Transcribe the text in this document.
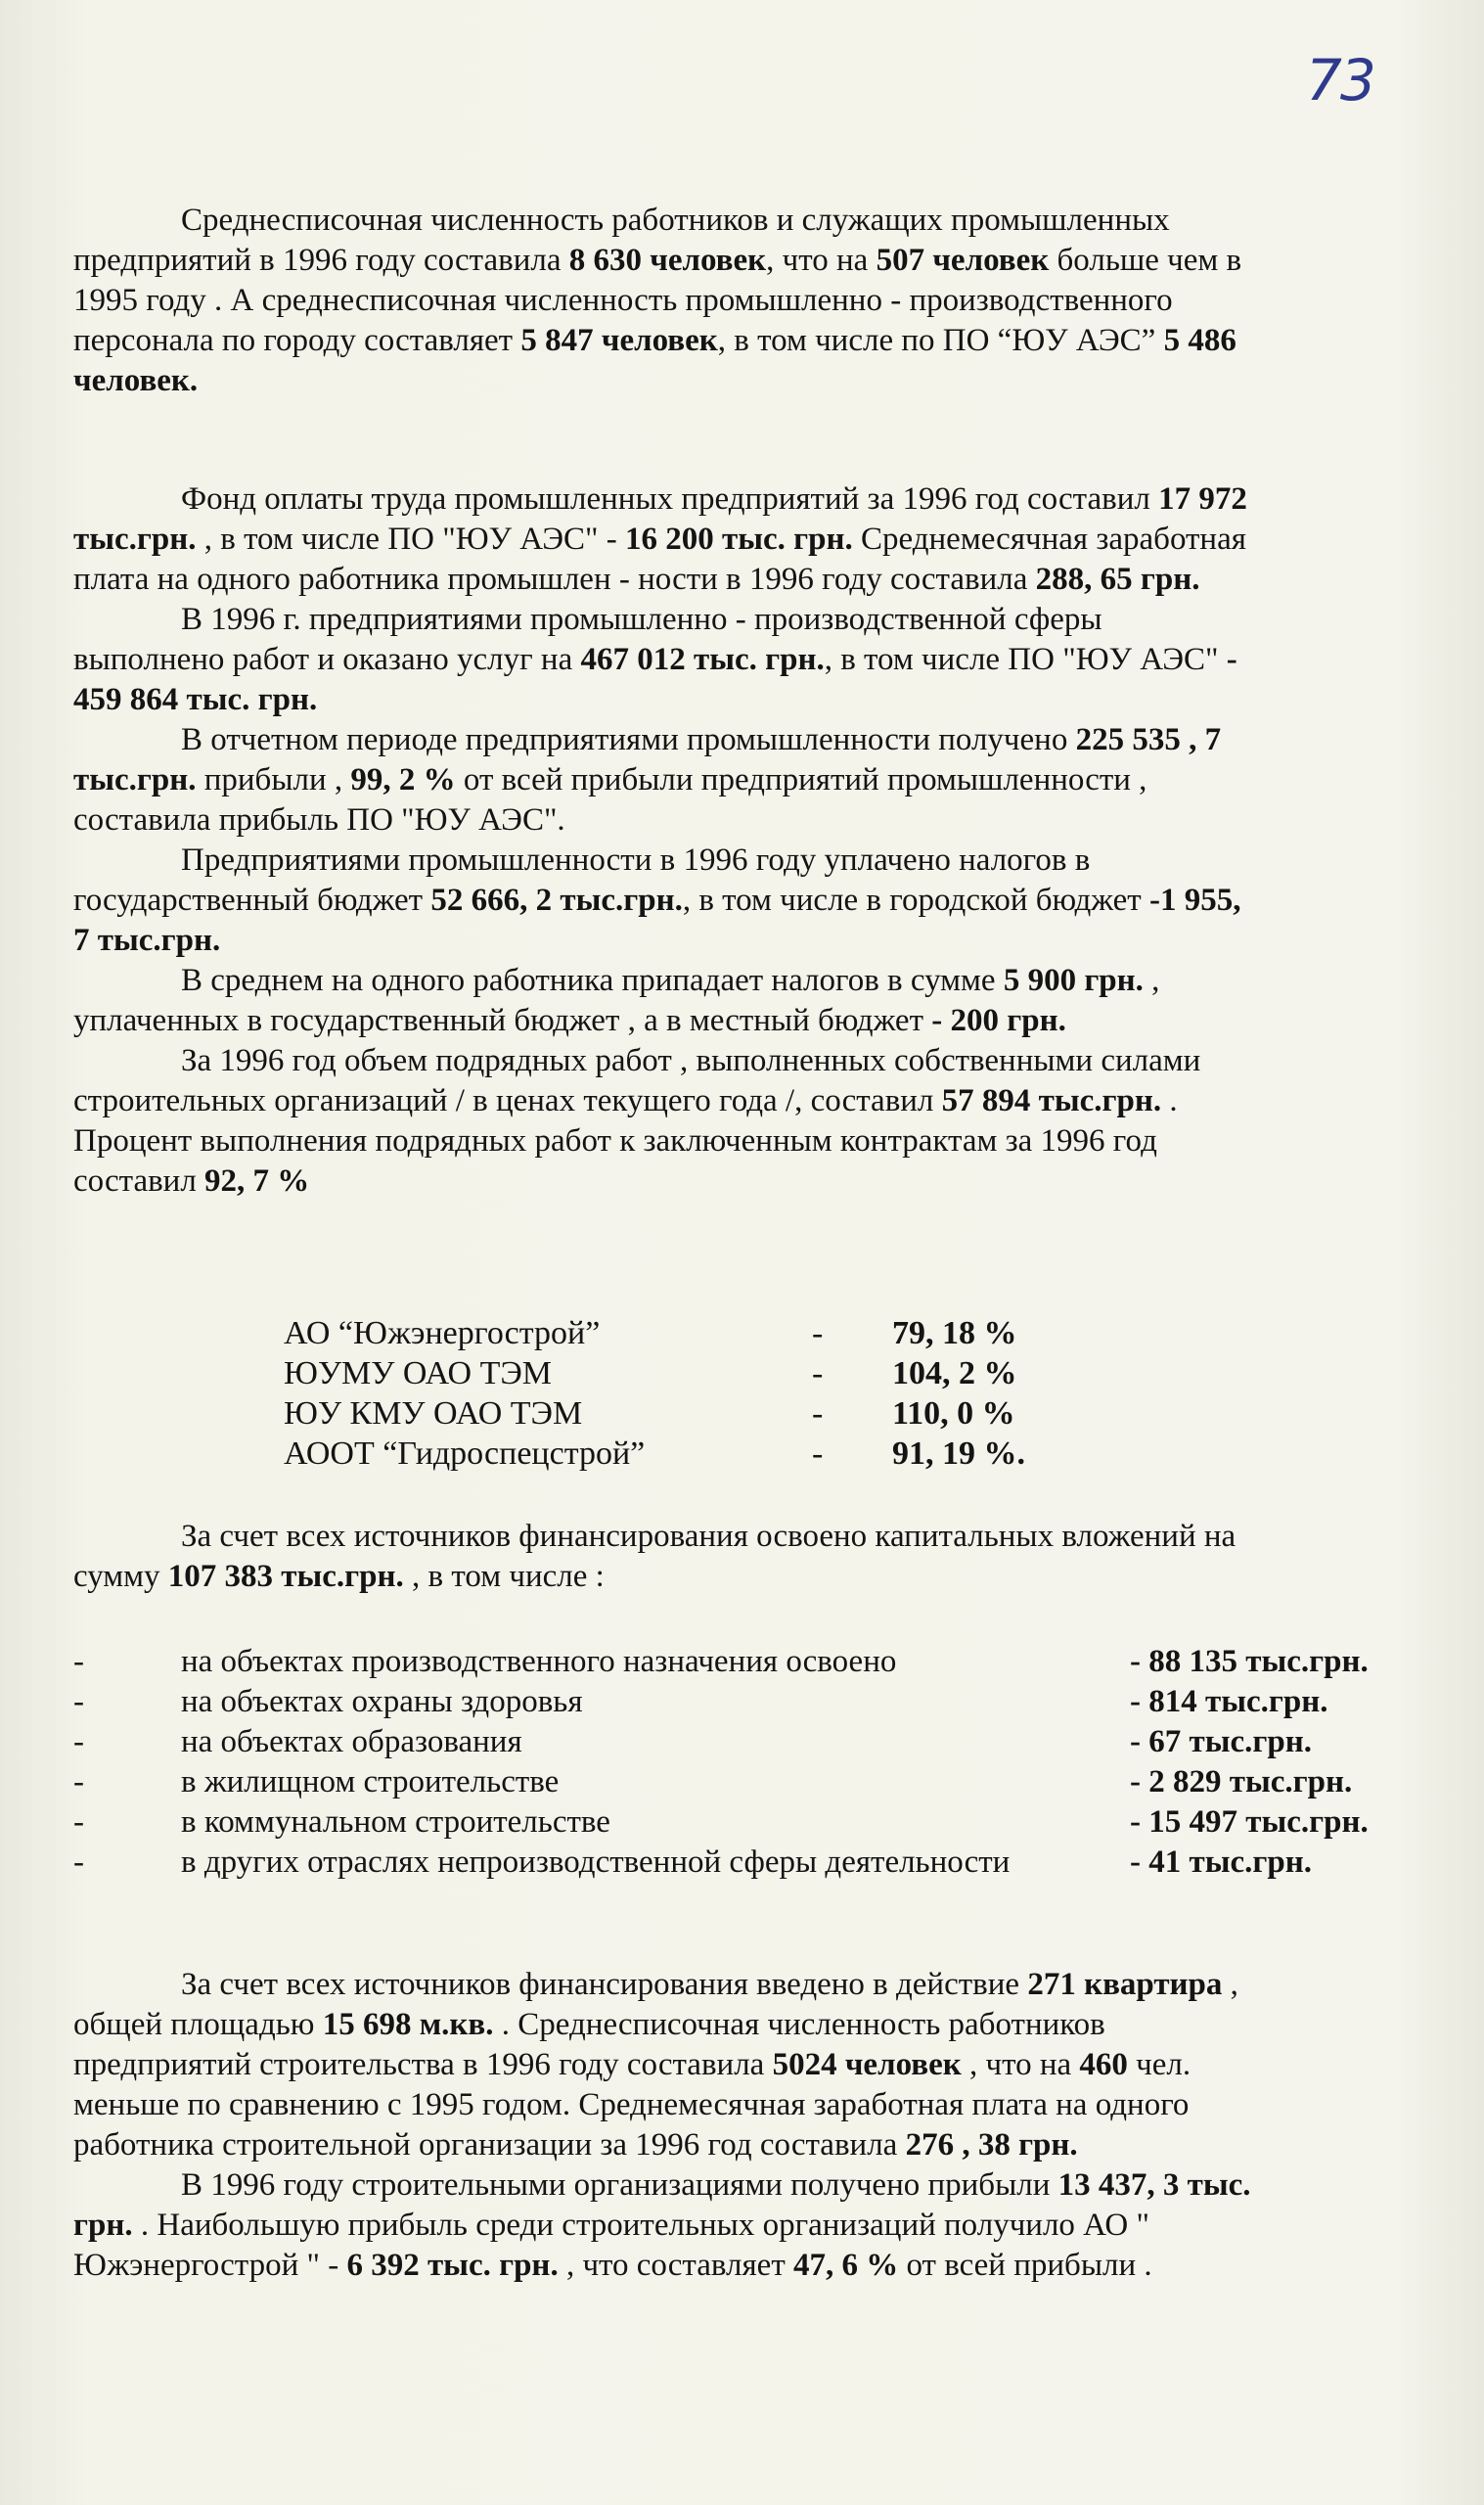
73

Среднесписочная численность работников и служащих промышленных предприятий в 1996 году составила 8 630 человек, что на 507 человек больше чем в 1995 году . А среднесписочная численность промышленно - производственного персонала по городу составляет 5 847 человек, в том числе по ПО “ЮУ АЭС” 5 486 человек.

Фонд оплаты труда промышленных предприятий за 1996 год составил 17 972 тыс.грн. , в том числе ПО "ЮУ АЭС" - 16 200 тыс. грн. Среднемесячная заработная плата на одного работника промышлен - ности в 1996 году составила 288, 65 грн.

В 1996 г. предприятиями промышленно - производственной сферы выполнено работ и оказано услуг на 467 012 тыс. грн., в том числе ПО "ЮУ АЭС" - 459 864 тыс. грн.

В отчетном периоде предприятиями промышленности получено 225 535 , 7 тыс.грн. прибыли , 99, 2 % от всей прибыли предприятий промышленности , составила прибыль ПО "ЮУ АЭС".

Предприятиями промышленности в 1996 году уплачено налогов в государственный бюджет 52 666, 2 тыс.грн., в том числе в городской бюджет -1 955, 7 тыс.грн.

В среднем на одного работника припадает налогов в сумме 5 900 грн. , уплаченных в государственный бюджет , а в местный бюджет - 200 грн.

За 1996 год объем подрядных работ , выполненных собственными силами строительных организаций / в ценах текущего года /, составил 57 894 тыс.грн. . Процент выполнения подрядных работ к заключенным контрактам за 1996 год составил 92, 7 %

АО “Южэнергострой”	- 79, 18 %
ЮУМУ ОАО ТЭМ	- 104, 2 %
ЮУ КМУ ОАО ТЭМ	- 110, 0 %
АООТ “Гидроспецстрой”	- 91, 19 %.

За счет всех источников финансирования освоено капитальных вложений на сумму 107 383 тыс.грн. , в том числе :

-	на объектах производственного назначения освоено	- 88 135 тыс.грн.
-	на объектах охраны здоровья	- 814 тыс.грн.
-	на объектах образования	- 67 тыс.грн.
-	в жилищном строительстве	- 2 829 тыс.грн.
-	в коммунальном строительстве	- 15 497 тыс.грн.
-	в других отраслях непроизводственной сферы деятельности	- 41 тыс.грн.

За счет всех источников финансирования введено в действие 271 квартира , общей площадью 15 698 м.кв. . Среднесписочная численность работников предприятий строительства в 1996 году составила 5024 человек , что на 460 чел. меньше по сравнению с 1995 годом. Среднемесячная заработная плата на одного работника строительной организации за 1996 год составила 276 , 38 грн.

В 1996 году строительными организациями получено прибыли 13 437, 3 тыс. грн. . Наибольшую прибыль среди строительных организаций получило АО " Южэнергострой " - 6 392 тыс. грн. , что составляет 47, 6 % от всей прибыли .
